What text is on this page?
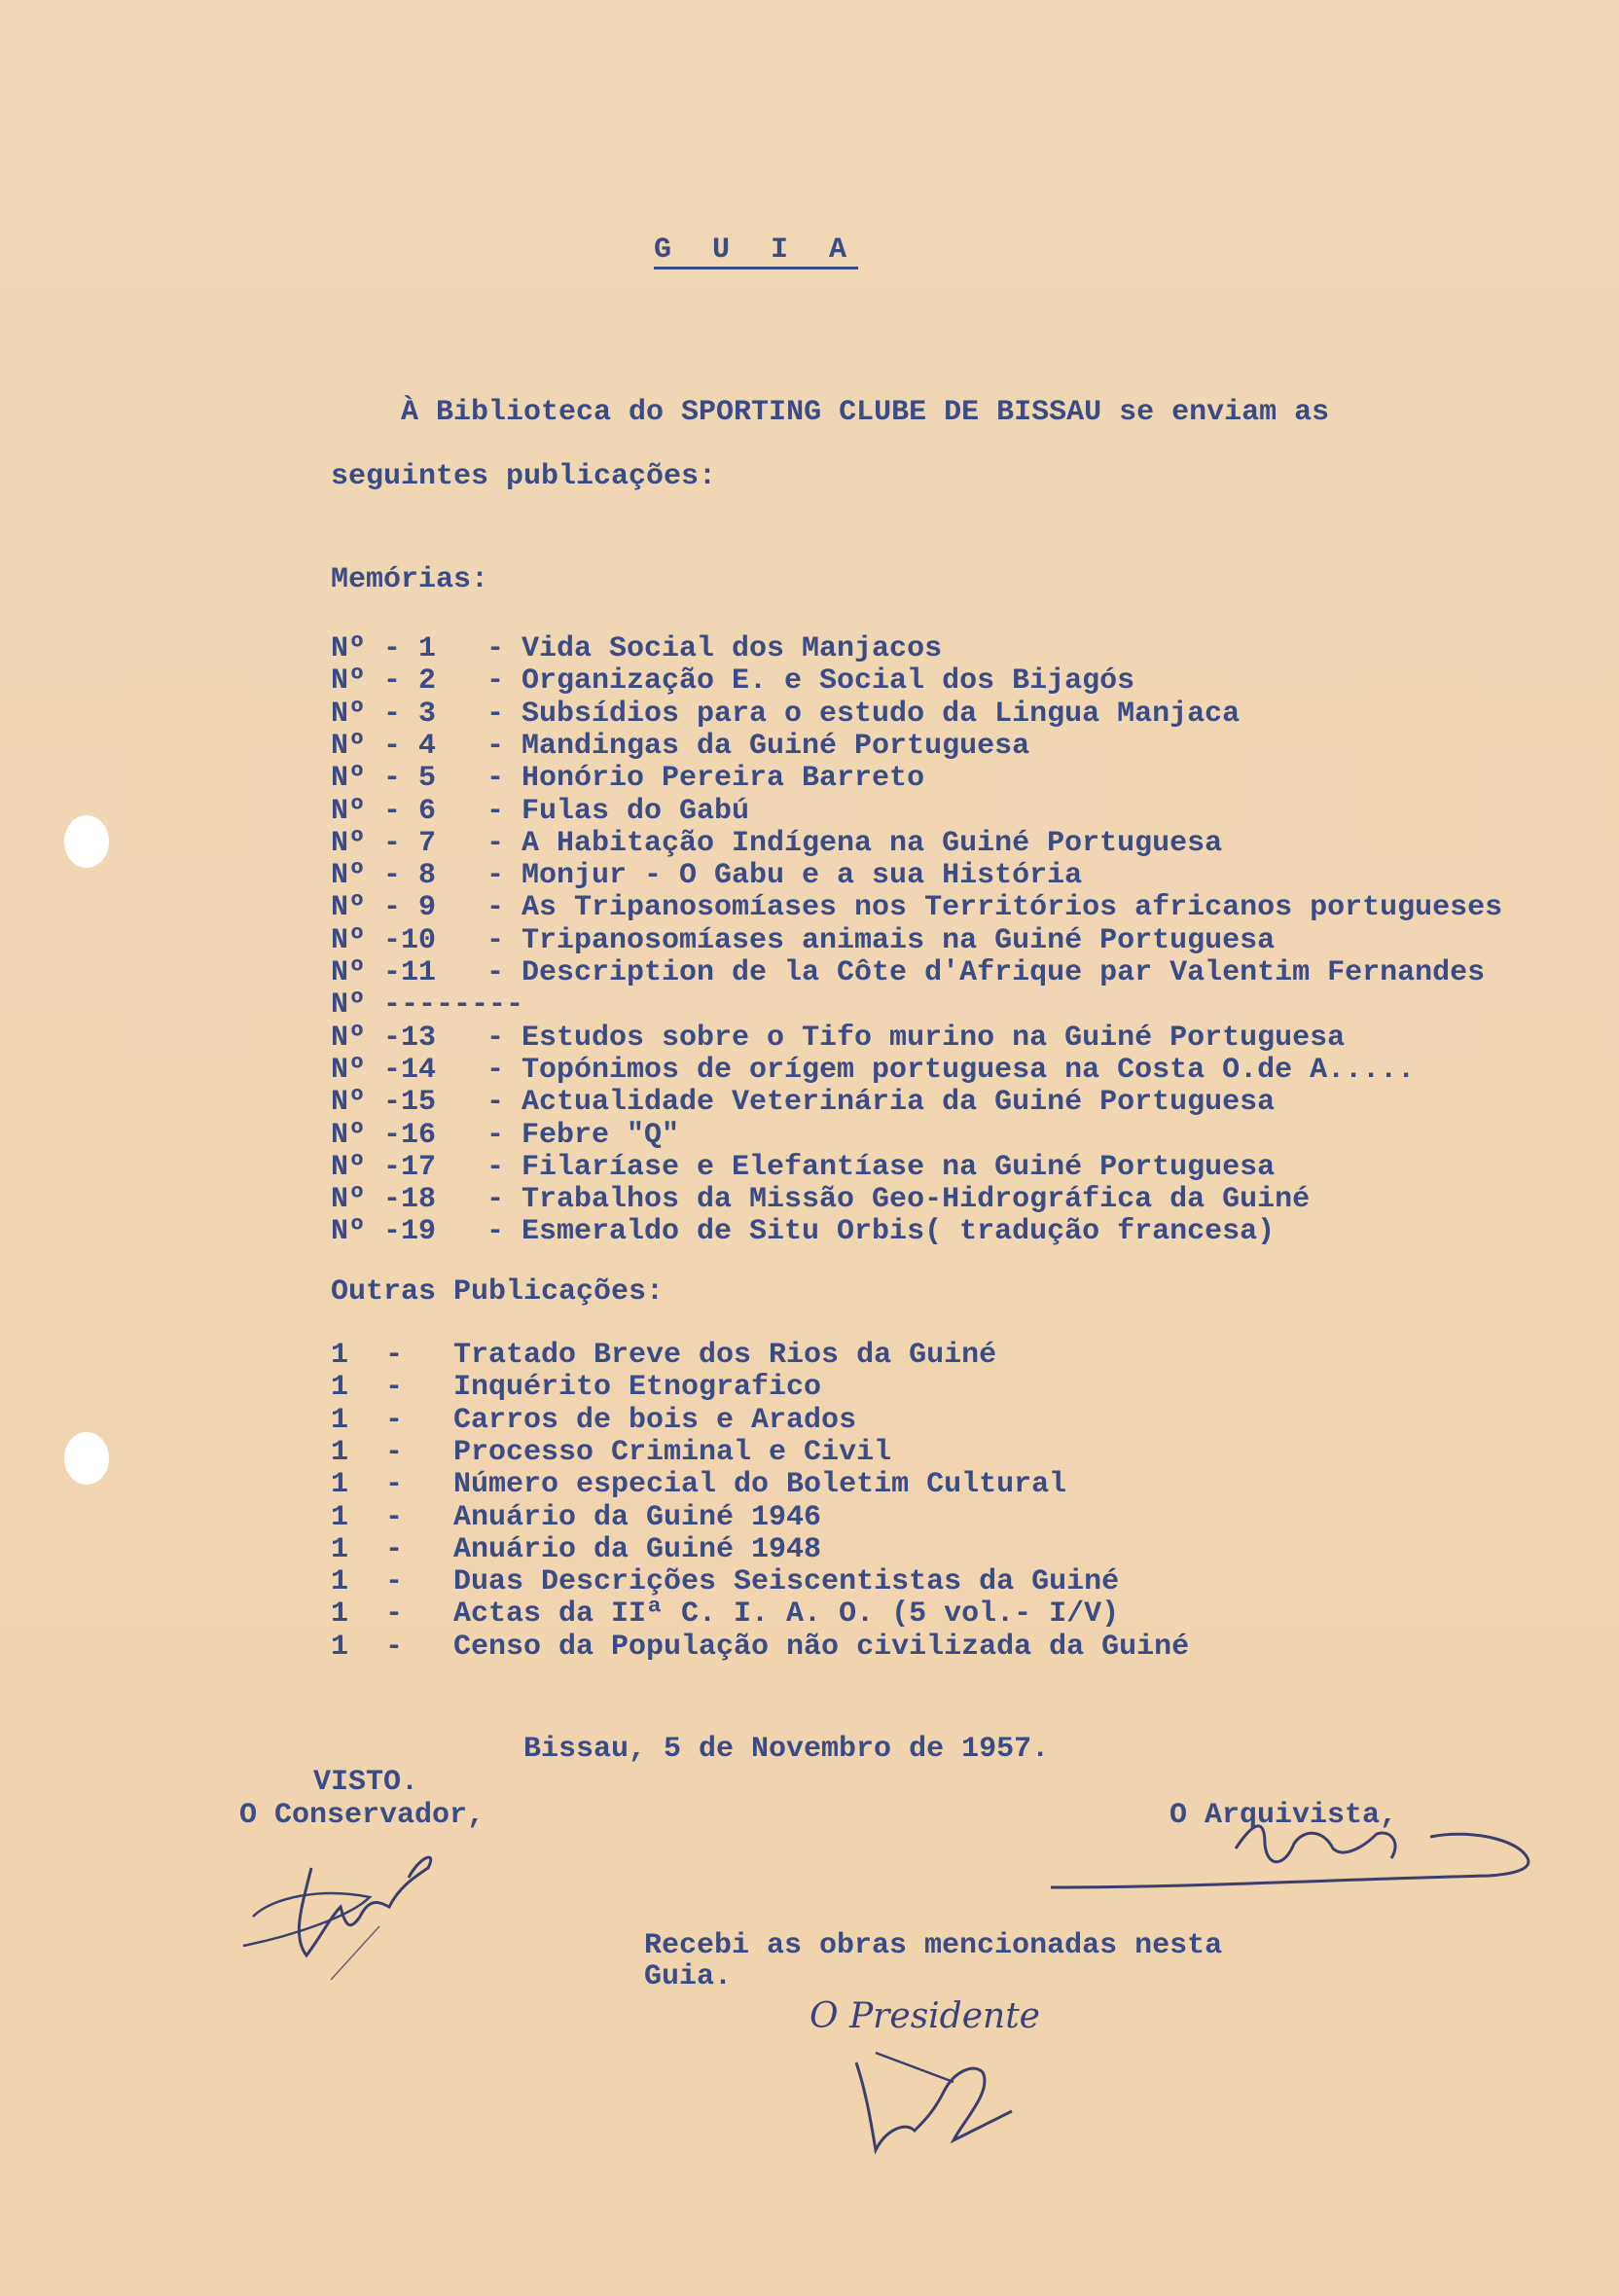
G U I A
À Biblioteca do SPORTING CLUBE DE BISSAU se enviam as
seguintes publicações:
Memórias:
Nº - 1 - Vida Social dos Manjacos
Nº - 2 - Organização E. e Social dos Bijagós
Nº - 3 - Subsídios para o estudo da Lingua Manjaca
Nº - 4 - Mandingas da Guiné Portuguesa
Nº - 5 - Honório Pereira Barreto
Nº - 6 - Fulas do Gabú
Nº - 7 - A Habitação Indígena na Guiné Portuguesa
Nº - 8 - Monjur - O Gabu e a sua História
Nº - 9 - As Tripanosomíases nos Territórios africanos portugueses
Nº -10 - Tripanosomíases animais na Guiné Portuguesa
Nº -11 - Description de la Côte d'Afrique par Valentim Fernandes
Nº --------
Nº -13 - Estudos sobre o Tifo murino na Guiné Portuguesa
Nº -14 - Topónimos de orígem portuguesa na Costa O.de A.....
Nº -15 - Actualidade Veterinária da Guiné Portuguesa
Nº -16 - Febre "Q"
Nº -17 - Filaríase e Elefantíase na Guiné Portuguesa
Nº -18 - Trabalhos da Missão Geo-Hidrográfica da Guiné
Nº -19 - Esmeraldo de Situ Orbis( tradução francesa)
Outras Publicações:
1 - Tratado Breve dos Rios da Guiné
1 - Inquérito Etnografico
1 - Carros de bois e Arados
1 - Processo Criminal e Civil
1 - Número especial do Boletim Cultural
1 - Anuário da Guiné 1946
1 - Anuário da Guiné 1948
1 - Duas Descrições Seiscentistas da Guiné
1 - Actas da IIª C. I. A. O. (5 vol.- I/V)
1 - Censo da População não civilizada da Guiné
Bissau, 5 de Novembro de 1957.
VISTO.
O Conservador,	O Arquivista,
Recebi as obras mencionadas nesta
Guia.
O Presidente
